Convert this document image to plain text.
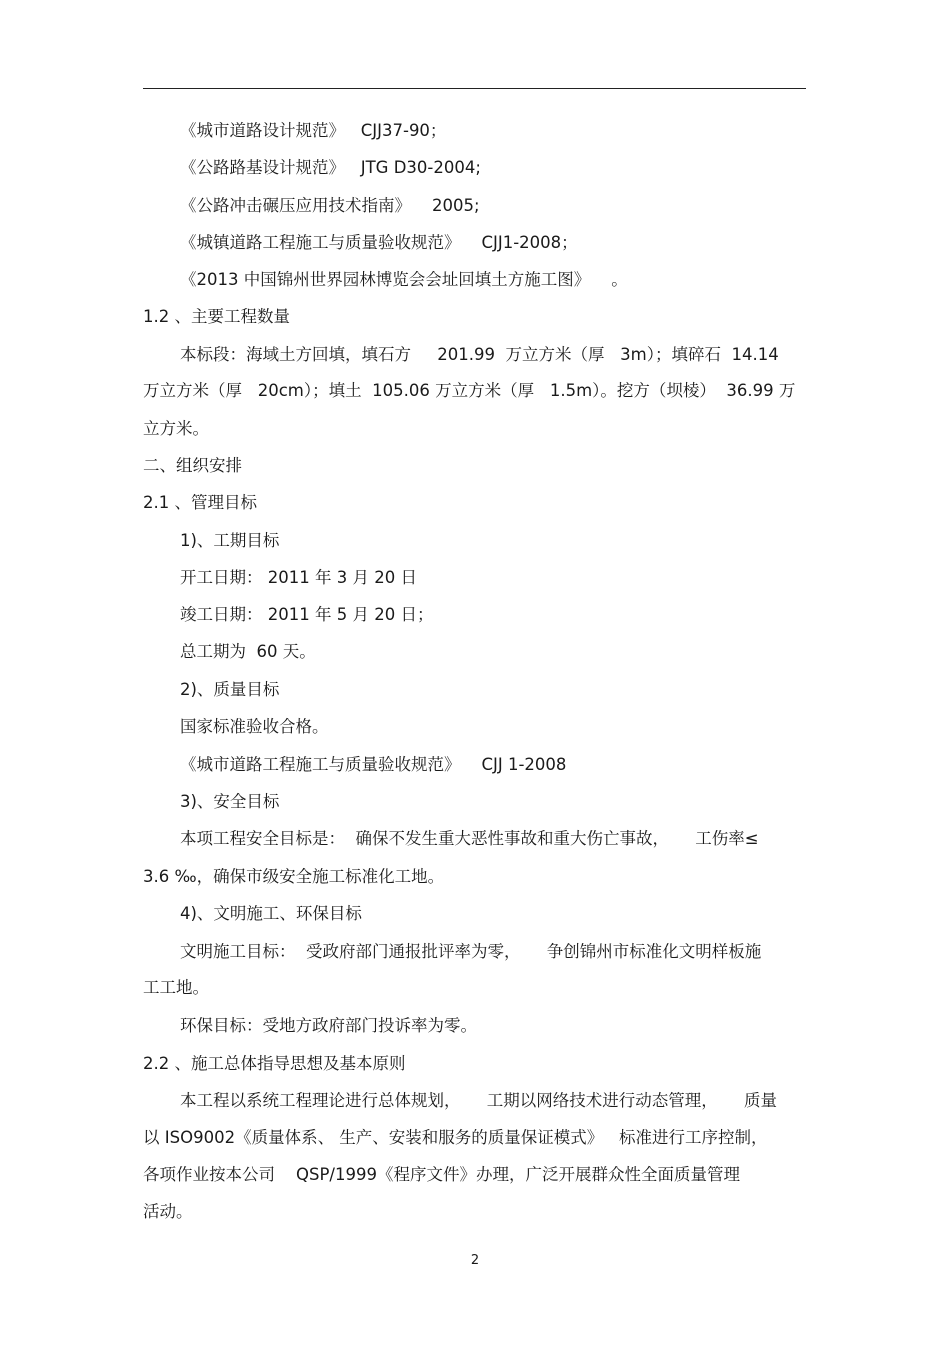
《城市道路设计规范》   CJJ37-90；
《公路路基设计规范》   JTG D30-2004;
《公路冲击碾压应用技术指南》    2005;
《城镇道路工程施工与质量验收规范》    CJJ1-2008；
《2013 中国锦州世界园林博览会会址回填土方施工图》    。
1.2 、主要工程数量
本标段：海域土方回填，填石方     201.99  万立方米（厚   3m）；填碎石  14.14
万立方米（厚   20cm）；填土  105.06 万立方米（厚   1.5m）。挖方（坝棱）  36.99 万
立方米。
二、组织安排
2.1 、管理目标
1)、工期目标
开工日期： 2011 年 3 月 20 日
竣工日期： 2011 年 5 月 20 日；
总工期为  60 天。
2)、质量目标
国家标准验收合格。
《城市道路工程施工与质量验收规范》    CJJ 1-2008
3)、安全目标
本项工程安全目标是：  确保不发生重大恶性事故和重大伤亡事故，     工伤率≤
3.6 ‰，确保市级安全施工标准化工地。
4)、文明施工、环保目标
文明施工目标：  受政府部门通报批评率为零，     争创锦州市标准化文明样板施
工工地。
环保目标：受地方政府部门投诉率为零。
2.2 、施工总体指导思想及基本原则
本工程以系统工程理论进行总体规划，     工期以网络技术进行动态管理，     质量
以 ISO9002《质量体系、 生产、安装和服务的质量保证模式》   标准进行工序控制，
各项作业按本公司    QSP/1999《程序文件》办理，广泛开展群众性全面质量管理
活动。
2
